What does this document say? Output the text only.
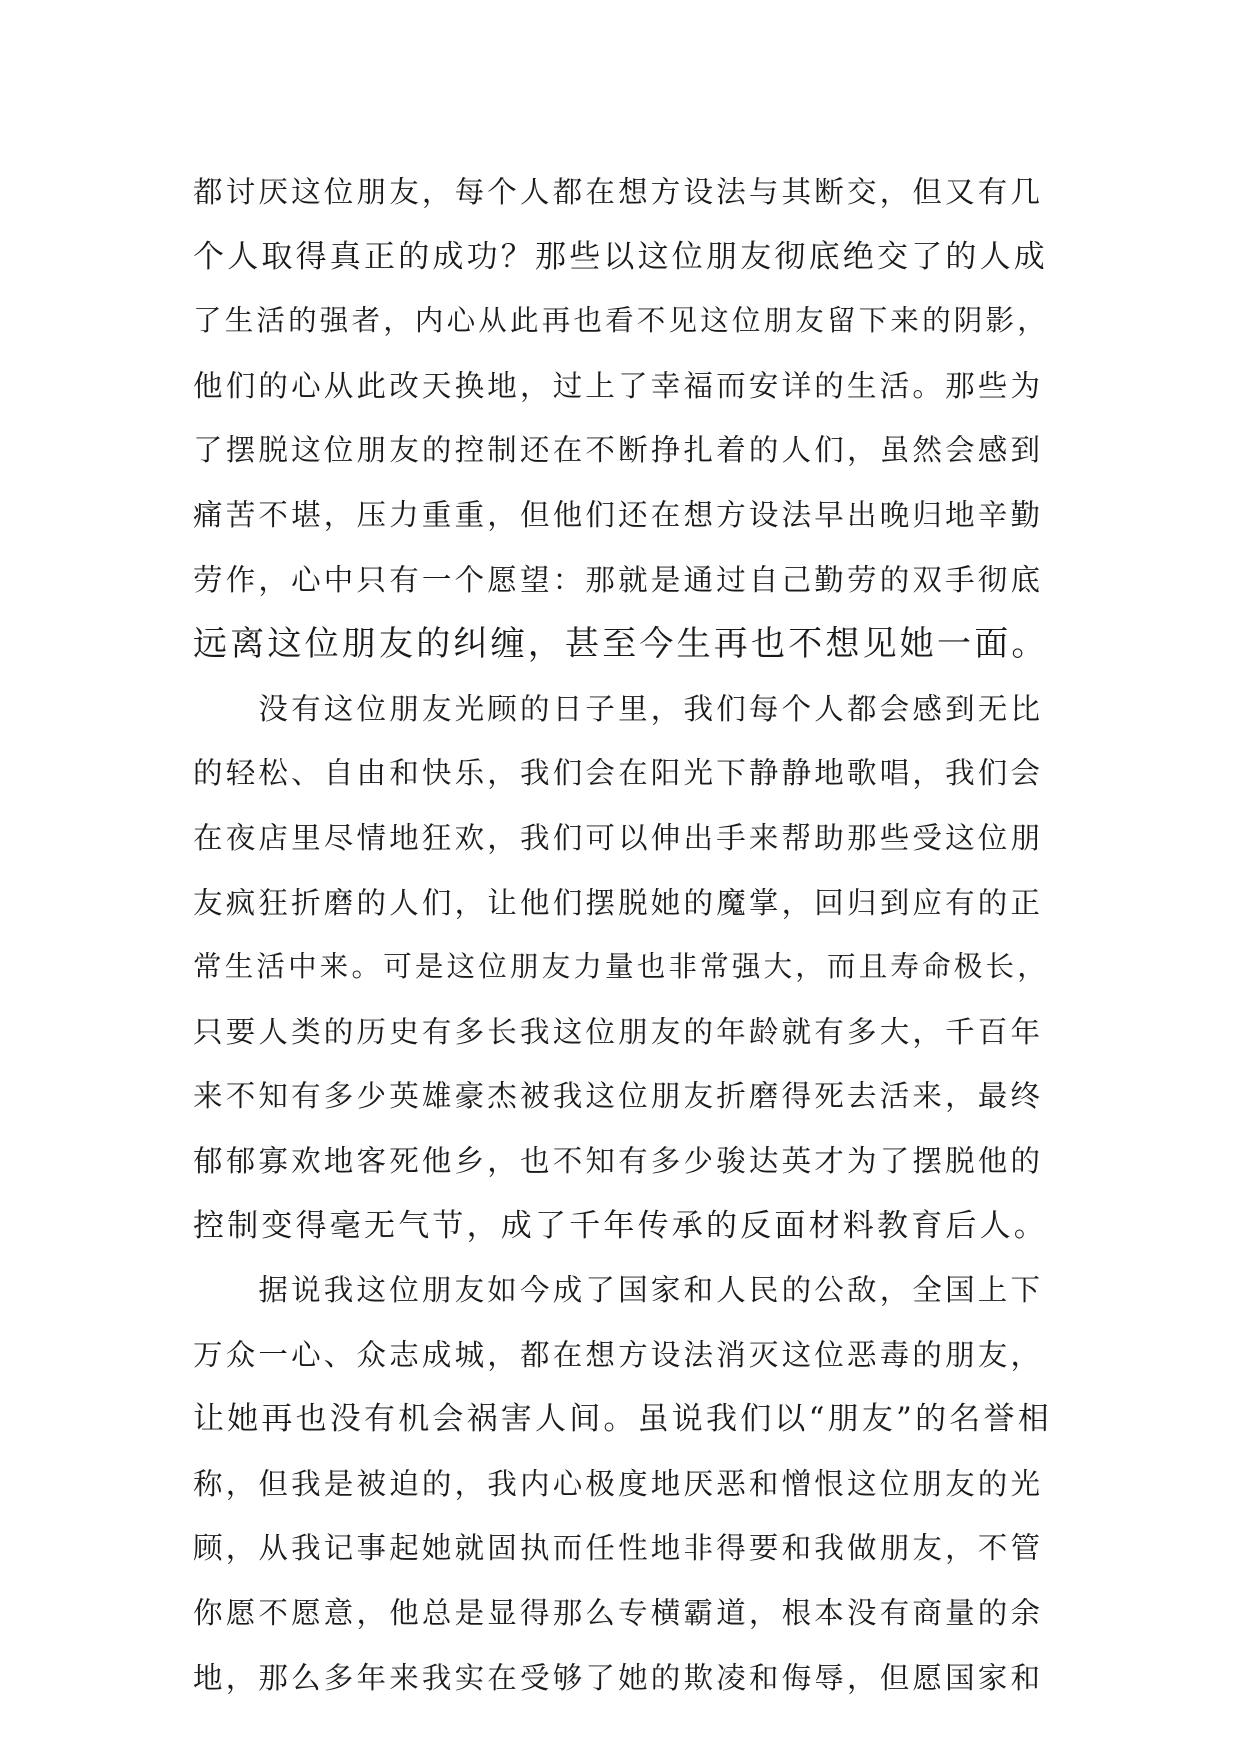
都讨厌这位朋友，每个人都在想方设法与其断交，但又有几
个人取得真正的成功？那些以这位朋友彻底绝交了的人成
了生活的强者，内心从此再也看不见这位朋友留下来的阴影，
他们的心从此改天换地，过上了幸福而安详的生活。那些为
了摆脱这位朋友的控制还在不断挣扎着的人们，虽然会感到
痛苦不堪，压力重重，但他们还在想方设法早出晚归地辛勤
劳作，心中只有一个愿望：那就是通过自己勤劳的双手彻底
远离这位朋友的纠缠，甚至今生再也不想见她一面。
　　没有这位朋友光顾的日子里，我们每个人都会感到无比
的轻松、自由和快乐，我们会在阳光下静静地歌唱，我们会
在夜店里尽情地狂欢，我们可以伸出手来帮助那些受这位朋
友疯狂折磨的人们，让他们摆脱她的魔掌，回归到应有的正
常生活中来。可是这位朋友力量也非常强大，而且寿命极长，
只要人类的历史有多长我这位朋友的年龄就有多大，千百年
来不知有多少英雄豪杰被我这位朋友折磨得死去活来，最终
郁郁寡欢地客死他乡，也不知有多少骏达英才为了摆脱他的
控制变得毫无气节，成了千年传承的反面材料教育后人。
　　据说我这位朋友如今成了国家和人民的公敌，全国上下
万众一心、众志成城，都在想方设法消灭这位恶毒的朋友，
让她再也没有机会祸害人间。虽说我们以“朋友”的名誉相
称，但我是被迫的，我内心极度地厌恶和憎恨这位朋友的光
顾，从我记事起她就固执而任性地非得要和我做朋友，不管
你愿不愿意，他总是显得那么专横霸道，根本没有商量的余
地，那么多年来我实在受够了她的欺凌和侮辱，但愿国家和
